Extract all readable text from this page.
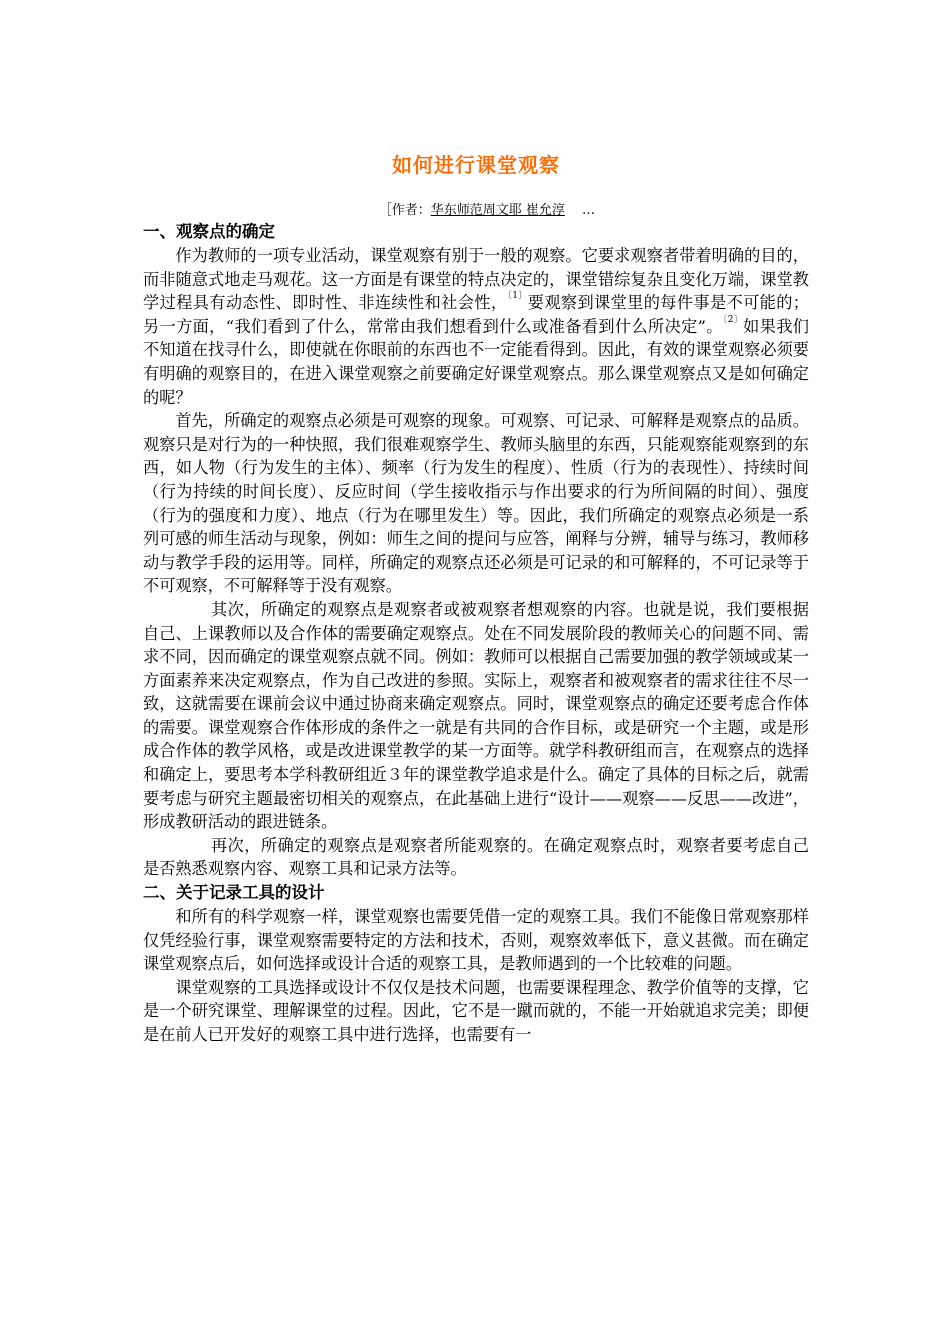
如何进行课堂观察
［作者：华东师范周文耶 崔允淳　 …
一、观察点的确定

作为教师的一项专业活动，课堂观察有别于一般的观察。它要求观察者带着明确的目的，而非随意式地走马观花。这一方面是有课堂的特点决定的，课堂错综复杂且变化万端，课堂教学过程具有动态性、即时性、非连续性和社会性，$^{〔1〕}$要观察到课堂里的每件事是不可能的；另一方面，“我们看到了什么，常常由我们想看到什么或准备看到什么所决定”。$^{〔2〕}$如果我们不知道在找寻什么，即使就在你眼前的东西也不一定能看得到。因此，有效的课堂观察必须要有明确的观察目的，在进入课堂观察之前要确定好课堂观察点。那么课堂观察点又是如何确定的呢？

首先，所确定的观察点必须是可观察的现象。可观察、可记录、可解释是观察点的品质。观察只是对行为的一种快照，我们很难观察学生、教师头脑里的东西，只能观察能观察到的东西，如人物（行为发生的主体）、频率（行为发生的程度）、性质（行为的表现性）、持续时间（行为持续的时间长度）、反应时间（学生接收指示与作出要求的行为所间隔的时间）、强度（行为的强度和力度）、地点（行为在哪里发生）等。因此，我们所确定的观察点必须是一系列可感的师生活动与现象，例如：师生之间的提问与应答，阐释与分辨，辅导与练习，教师移动与教学手段的运用等。同样，所确定的观察点还必须是可记录的和可解释的，不可记录等于不可观察，不可解释等于没有观察。

其次，所确定的观察点是观察者或被观察者想观察的内容。也就是说，我们要根据自己、上课教师以及合作体的需要确定观察点。处在不同发展阶段的教师关心的问题不同、需求不同，因而确定的课堂观察点就不同。例如：教师可以根据自己需要加强的教学领域或某一方面素养来决定观察点，作为自己改进的参照。实际上，观察者和被观察者的需求往往不尽一致，这就需要在课前会议中通过协商来确定观察点。同时，课堂观察点的确定还要考虑合作体的需要。课堂观察合作体形成的条件之一就是有共同的合作目标，或是研究一个主题，或是形成合作体的教学风格，或是改进课堂教学的某一方面等。就学科教研组而言，在观察点的选择和确定上，要思考本学科教研组近３年的课堂教学追求是什么。确定了具体的目标之后，就需要考虑与研究主题最密切相关的观察点，在此基础上进行“设计——观察——反思——改进”，形成教研活动的跟进链条。

再次，所确定的观察点是观察者所能观察的。在确定观察点时，观察者要考虑自己是否熟悉观察内容、观察工具和记录方法等。

二、关于记录工具的设计

和所有的科学观察一样，课堂观察也需要凭借一定的观察工具。我们不能像日常观察那样仅凭经验行事，课堂观察需要特定的方法和技术，否则，观察效率低下，意义甚微。而在确定课堂观察点后，如何选择或设计合适的观察工具，是教师遇到的一个比较难的问题。

课堂观察的工具选择或设计不仅仅是技术问题，也需要课程理念、教学价值等的支撑，它是一个研究课堂、理解课堂的过程。因此，它不是一蹴而就的，不能一开始就追求完美；即便是在前人已开发好的观察工具中进行选择，也需要有一
